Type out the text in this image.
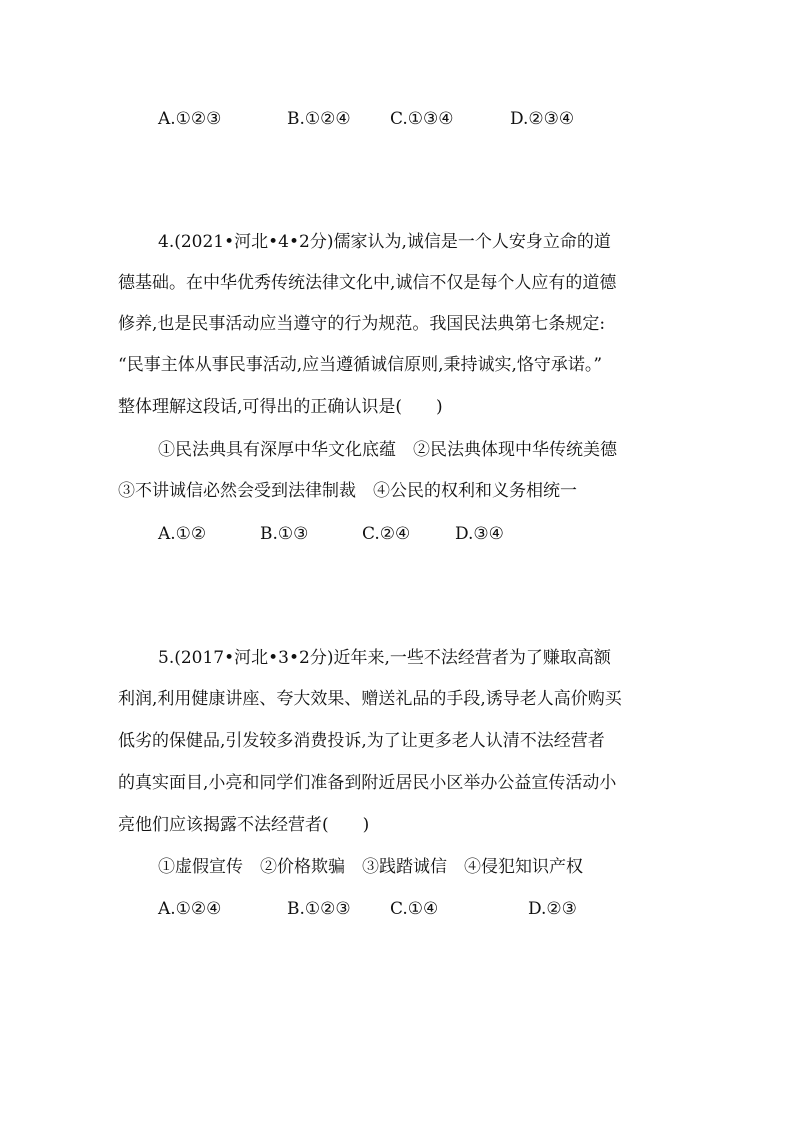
A.①②③	B.①②④ C.①③④	D.②③④
4.(2021•河北•4•2分)儒家认为,诚信是一个人安身立命的道
德基础。在中华优秀传统法律文化中,诚信不仅是每个人应有的道德
修养,也是民事活动应当遵守的行为规范。我国民法典第七条规定:
“民事主体从事民事活动,应当遵循诚信原则,秉持诚实,恪守承诺。”
整体理解这段话,可得出的正确认识是(　　)
①民法典具有深厚中华文化底蕴　②民法典体现中华传统美德
③不讲诚信必然会受到法律制裁　④公民的权利和义务相统一
A.①②	B.①③	C.②④	D.③④
5.(2017•河北•3•2分)近年来,一些不法经营者为了赚取高额
利润,利用健康讲座、夸大效果、赠送礼品的手段,诱导老人高价购买
低劣的保健品,引发较多消费投诉,为了让更多老人认清不法经营者
的真实面目,小亮和同学们准备到附近居民小区举办公益宣传活动小
亮他们应该揭露不法经营者(　　)
①虚假宣传　②价格欺骗　③践踏诚信　④侵犯知识产权
A.①②④	B.①②③ C.①④	D.②③
